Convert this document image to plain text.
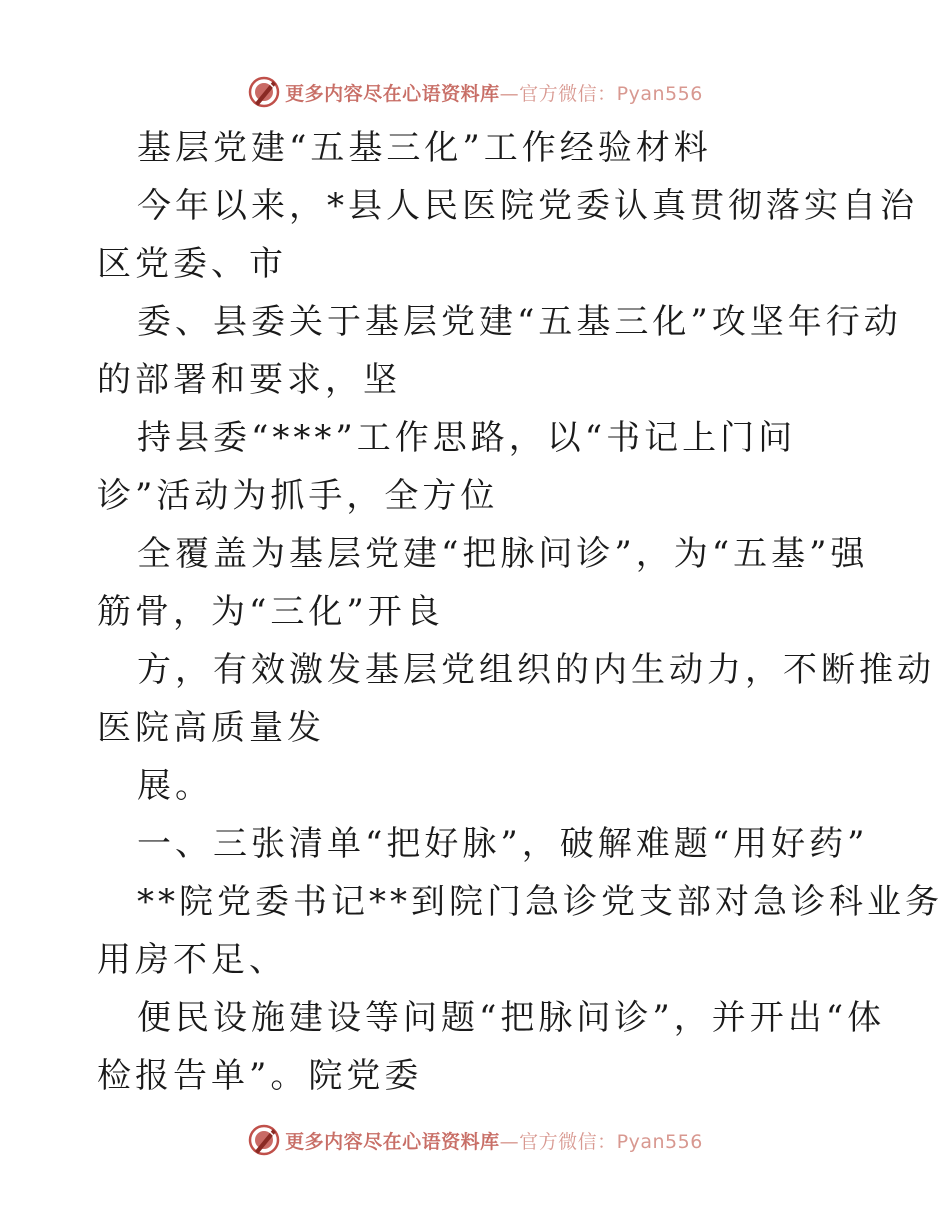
更多内容尽在心语资料库—官方微信：Pyan556
基层党建“五基三化”工作经验材料
今年以来，*县人民医院党委认真贯彻落实自治
区党委、市
委、县委关于基层党建“五基三化”攻坚年行动
的部署和要求，坚
持县委“***”工作思路，以“书记上门问
诊”活动为抓手，全方位
全覆盖为基层党建“把脉问诊”，为“五基”强
筋骨，为“三化”开良
方，有效激发基层党组织的内生动力，不断推动
医院高质量发
展。
一、三张清单“把好脉”，破解难题“用好药”
**院党委书记**到院门急诊党支部对急诊科业务
用房不足、
便民设施建设等问题“把脉问诊”，并开出“体
检报告单”。院党委
更多内容尽在心语资料库—官方微信：Pyan556
